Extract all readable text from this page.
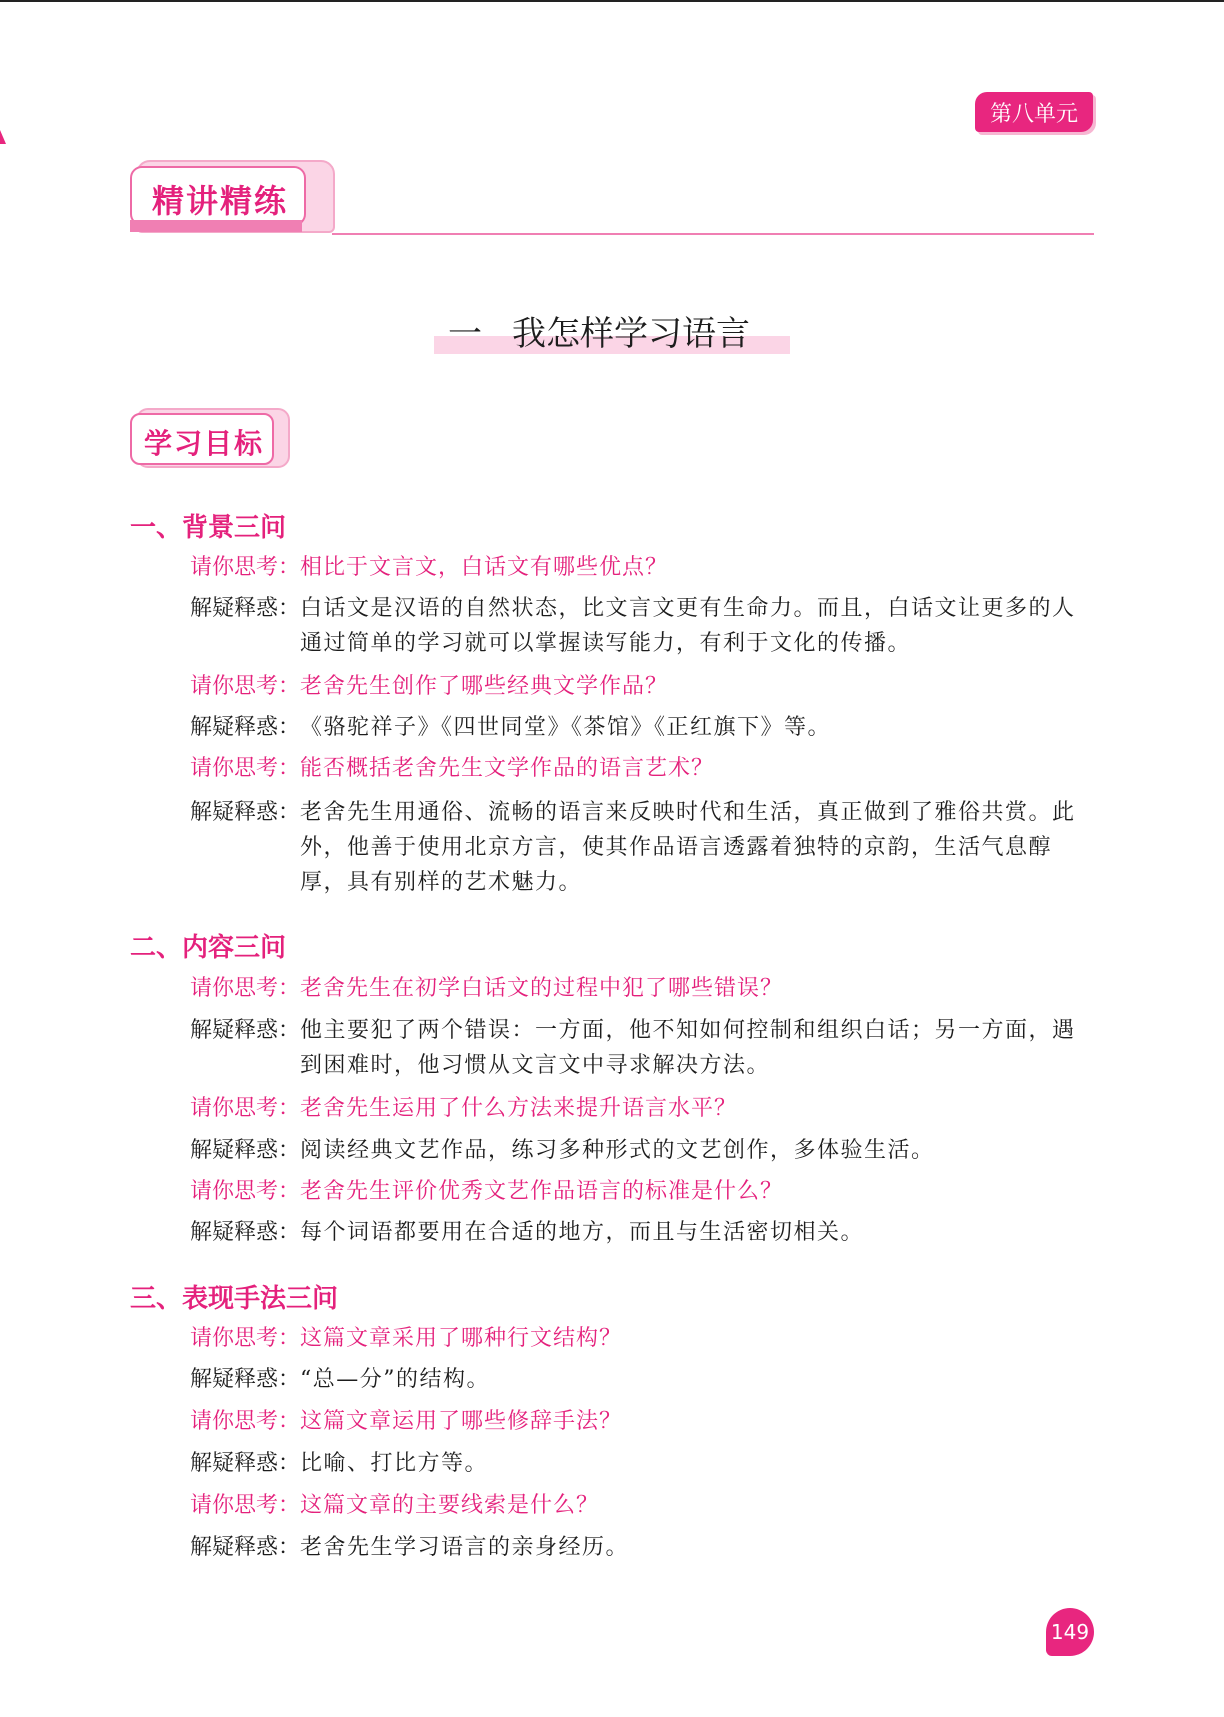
第八单元
精讲精练
一 我怎样学习语言
学习目标
一、背景三问
请你思考：相比于文言文，白话文有哪些优点？
解疑释惑： 白话文是汉语的自然状态，比文言文更有生命力。而且，白话文让更多的人通过简单的学习就可以掌握读写能力，有利于文化的传播。
请你思考：老舍先生创作了哪些经典文学作品？
解疑释惑： 《骆驼祥子》《四世同堂》《茶馆》《正红旗下》等。
请你思考：能否概括老舍先生文学作品的语言艺术？
解疑释惑： 老舍先生用通俗、流畅的语言来反映时代和生活，真正做到了雅俗共赏。此外，他善于使用北京方言，使其作品语言透露着独特的京韵，生活气息醇厚，具有别样的艺术魅力。
二、内容三问
请你思考：老舍先生在初学白话文的过程中犯了哪些错误？
解疑释惑： 他主要犯了两个错误：一方面，他不知如何控制和组织白话；另一方面，遇到困难时，他习惯从文言文中寻求解决方法。
请你思考：老舍先生运用了什么方法来提升语言水平？
解疑释惑： 阅读经典文艺作品，练习多种形式的文艺创作，多体验生活。
请你思考：老舍先生评价优秀文艺作品语言的标准是什么？
解疑释惑： 每个词语都要用在合适的地方，而且与生活密切相关。
三、表现手法三问
请你思考：这篇文章采用了哪种行文结构？
解疑释惑： “总—分”的结构。
请你思考：这篇文章运用了哪些修辞手法？
解疑释惑： 比喻、打比方等。
请你思考：这篇文章的主要线索是什么？
解疑释惑： 老舍先生学习语言的亲身经历。
149
